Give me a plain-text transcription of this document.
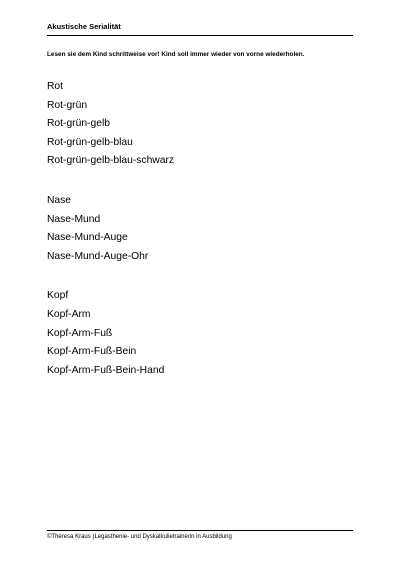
Akustische Serialität
Lesen sie dem Kind schrittweise vor! Kind soll immer wieder von vorne wiederholen.
Rot
Rot-grün
Rot-grün-gelb
Rot-grün-gelb-blau
Rot-grün-gelb-blau-schwarz
Nase
Nase-Mund
Nase-Mund-Auge
Nase-Mund-Auge-Ohr
Kopf
Kopf-Arm
Kopf-Arm-Fuß
Kopf-Arm-Fuß-Bein
Kopf-Arm-Fuß-Bein-Hand
©Theresa Kraus (Legasthenie- und Dyskalkulietrainerin in Ausbildung
